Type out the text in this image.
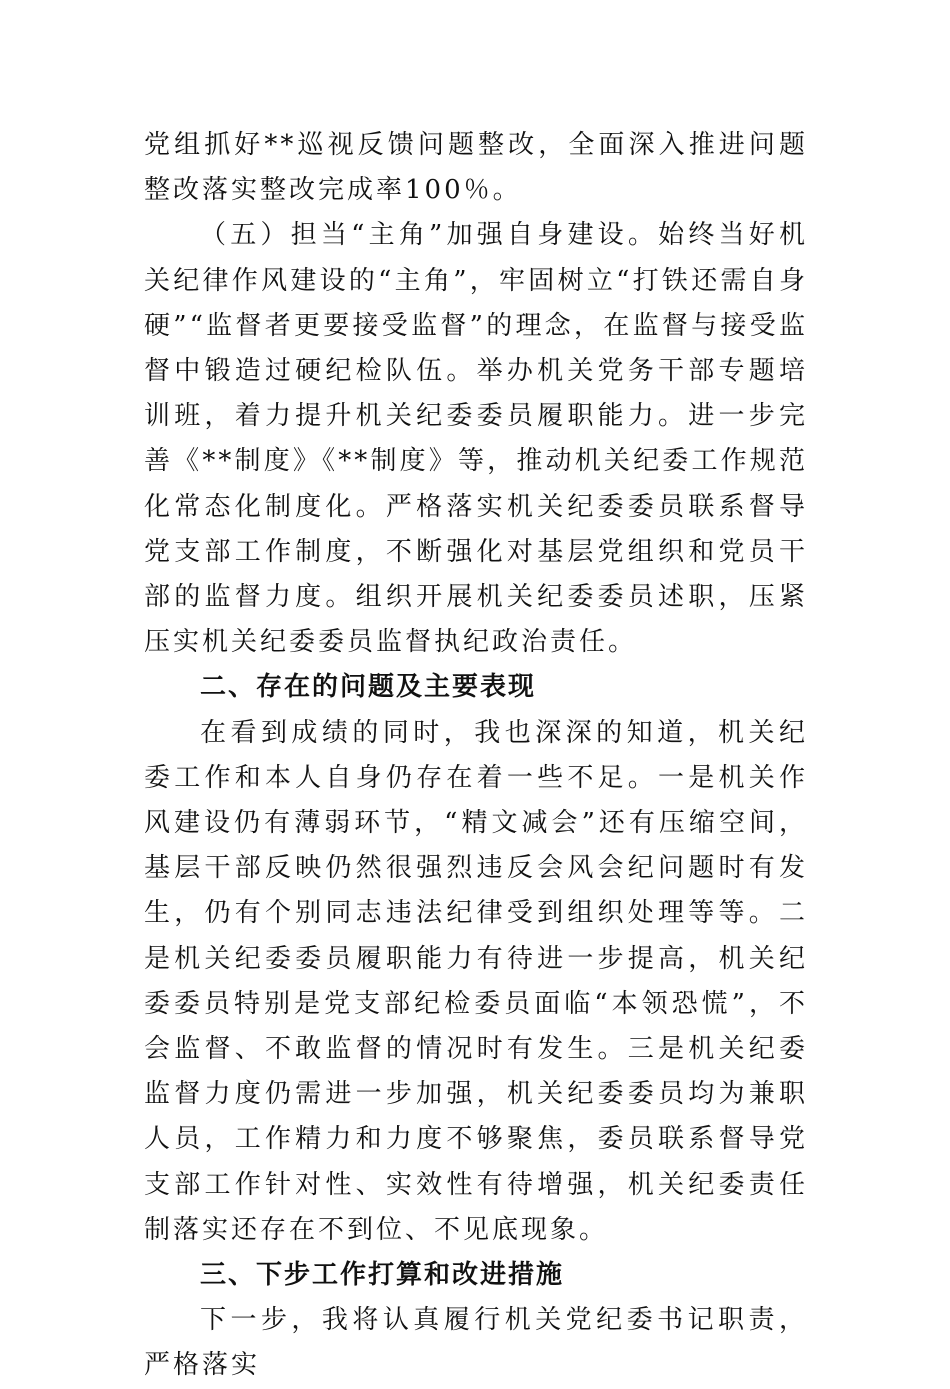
党组抓好**巡视反馈问题整改，全面深入推进问题整改落实整改完成率100％。

（五）担当“主角”加强自身建设。始终当好机关纪律作风建设的“主角”，牢固树立“打铁还需自身硬”“监督者更要接受监督”的理念，在监督与接受监督中锻造过硬纪检队伍。举办机关党务干部专题培训班，着力提升机关纪委委员履职能力。进一步完善《**制度》《**制度》等，推动机关纪委工作规范化常态化制度化。严格落实机关纪委委员联系督导党支部工作制度，不断强化对基层党组织和党员干部的监督力度。组织开展机关纪委委员述职，压紧压实机关纪委委员监督执纪政治责任。

二、存在的问题及主要表现

在看到成绩的同时，我也深深的知道，机关纪委工作和本人自身仍存在着一些不足。一是机关作风建设仍有薄弱环节，“精文减会”还有压缩空间，基层干部反映仍然很强烈违反会风会纪问题时有发生，仍有个别同志违法纪律受到组织处理等等。二是机关纪委委员履职能力有待进一步提高，机关纪委委员特别是党支部纪检委员面临“本领恐慌”，不会监督、不敢监督的情况时有发生。三是机关纪委监督力度仍需进一步加强，机关纪委委员均为兼职人员，工作精力和力度不够聚焦，委员联系督导党支部工作针对性、实效性有待增强，机关纪委责任制落实还存在不到位、不见底现象。

三、下步工作打算和改进措施

下一步，我将认真履行机关党纪委书记职责，严格落实
